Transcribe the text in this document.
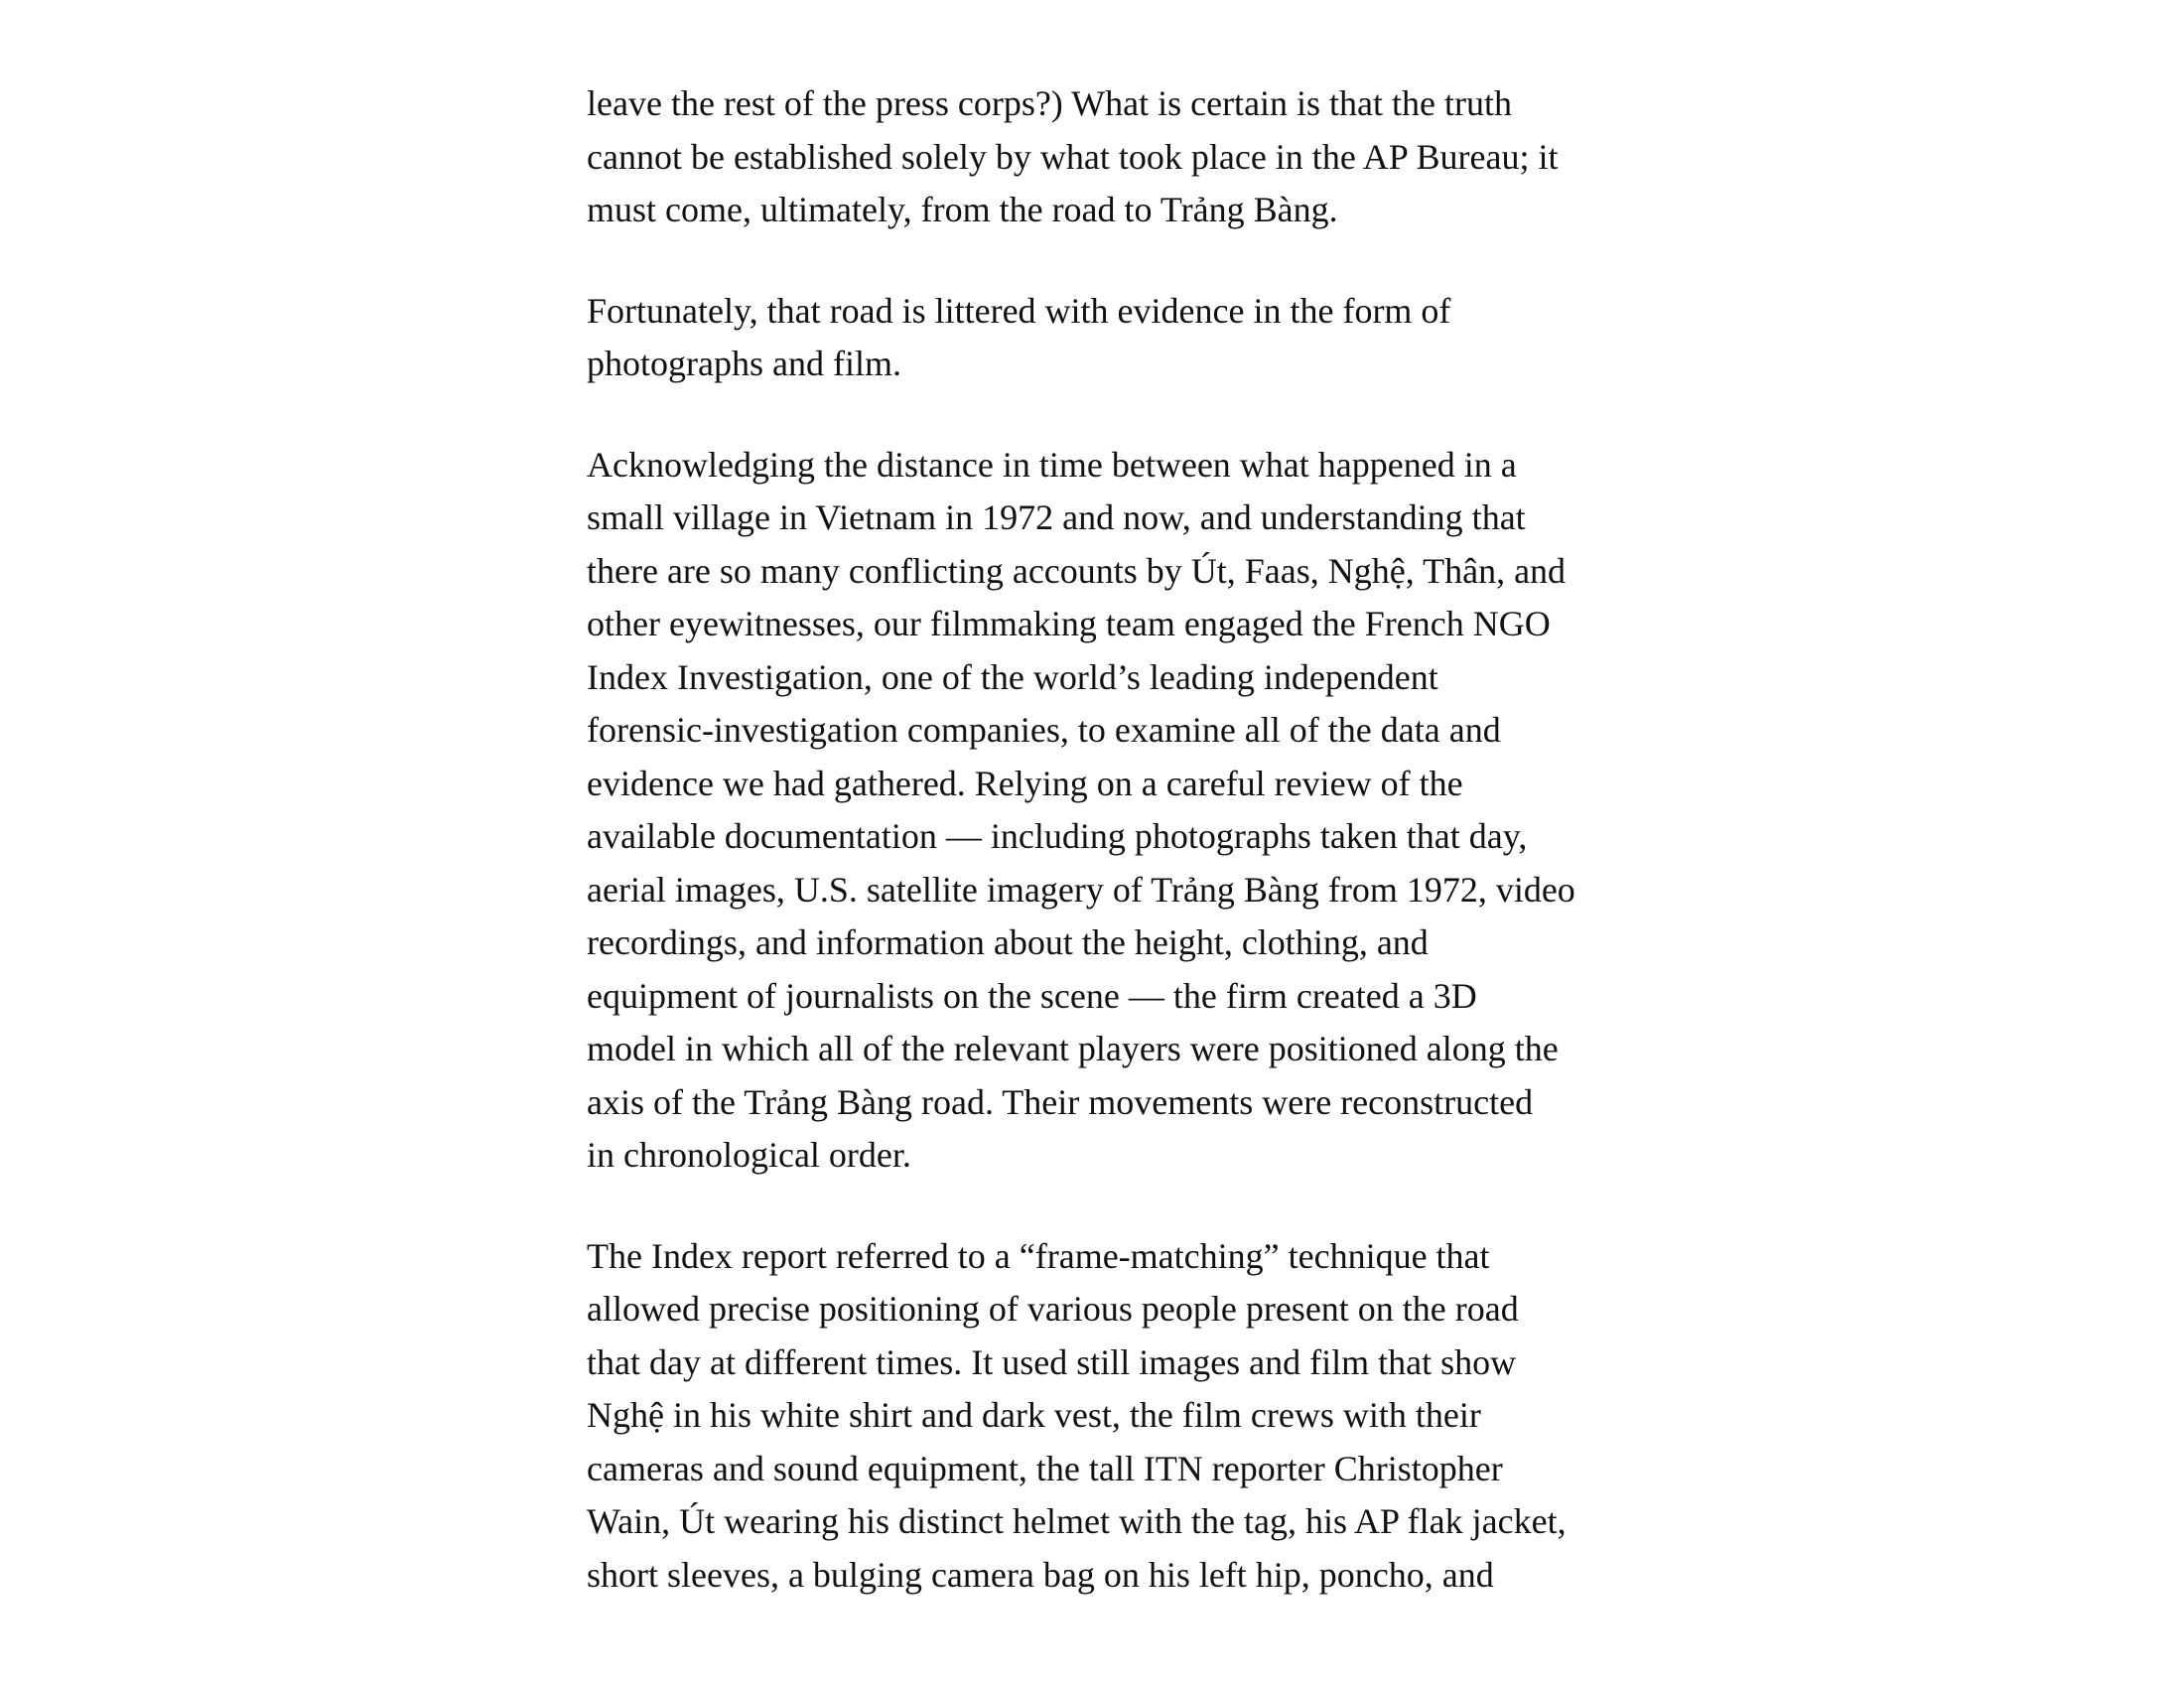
leave the rest of the press corps?) What is certain is that the truth
cannot be established solely by what took place in the AP Bureau; it
must come, ultimately, from the road to Trảng Bàng.

Fortunately, that road is littered with evidence in the form of
photographs and film.

Acknowledging the distance in time between what happened in a
small village in Vietnam in 1972 and now, and understanding that
there are so many conflicting accounts by Út, Faas, Nghệ, Thân, and
other eyewitnesses, our filmmaking team engaged the French NGO
Index Investigation, one of the world’s leading independent
forensic-investigation companies, to examine all of the data and
evidence we had gathered. Relying on a careful review of the
available documentation — including photographs taken that day,
aerial images, U.S. satellite imagery of Trảng Bàng from 1972, video
recordings, and information about the height, clothing, and
equipment of journalists on the scene — the firm created a 3D
model in which all of the relevant players were positioned along the
axis of the Trảng Bàng road. Their movements were reconstructed
in chronological order.

The Index report referred to a “frame-matching” technique that
allowed precise positioning of various people present on the road
that day at different times. It used still images and film that show
Nghệ in his white shirt and dark vest, the film crews with their
cameras and sound equipment, the tall ITN reporter Christopher
Wain, Út wearing his distinct helmet with the tag, his AP flak jacket,
short sleeves, a bulging camera bag on his left hip, poncho, and
